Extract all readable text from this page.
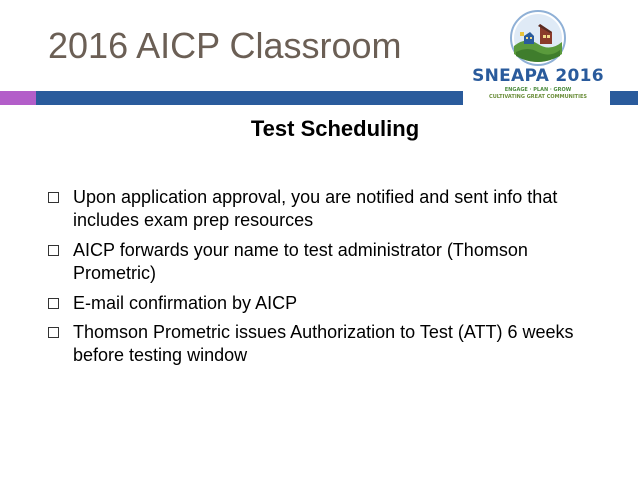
2016 AICP Classroom
SNEAPA 2016
ENGAGE · PLAN · GROW
CULTIVATING GREAT COMMUNITIES
Test Scheduling
Upon application approval, you are notified and sent info that includes exam prep resources
AICP forwards your name to test administrator (Thomson Prometric)
E-mail confirmation by AICP
Thomson Prometric issues Authorization to Test (ATT) 6 weeks before testing window
